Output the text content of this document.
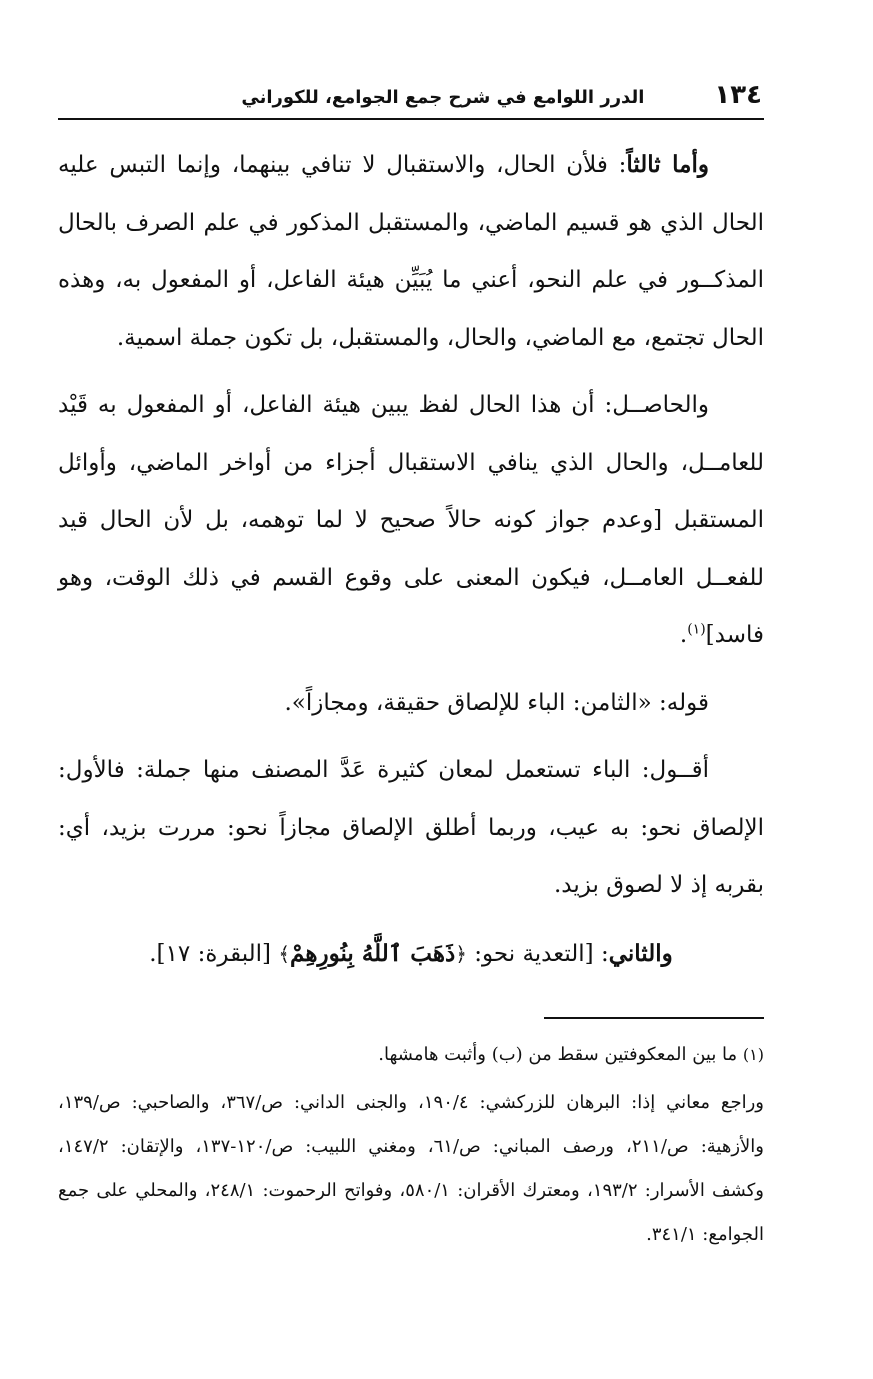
١٣٤
الدرر اللوامع في شرح جمع الجوامع، للكوراني

وأما ثالثاً: فلأن الحال، والاستقبال لا تنافي بينهما، وإنما التبس عليه الحال الذي هو قسيم الماضي، والمستقبل المذكور في علم الصرف بالحال المذكــور في علم النحو، أعني ما يُبَيِّن هيئة الفاعل، أو المفعول به، وهذه الحال تجتمع، مع الماضي، والحال، والمستقبل، بل تكون جملة اسمية.

والحاصــل: أن هذا الحال لفظ يبين هيئة الفاعل، أو المفعول به قَيْد للعامــل، والحال الذي ينافي الاستقبال أجزاء من أواخر الماضي، وأوائل المستقبل [وعدم جواز كونه حالاً صحيح لا لما توهمه، بل لأن الحال قيد للفعــل العامــل، فيكون المعنى على وقوع القسم في ذلك الوقت، وهو فاسد]$^{(١)}$.

قوله: «الثامن: الباء للإلصاق حقيقة، ومجازاً».

أقــول: الباء تستعمل لمعان كثيرة عَدَّ المصنف منها جملة: فالأول: الإلصاق نحو: به عيب، وربما أطلق الإلصاق مجازاً نحو: مررت بزيد، أي: بقربه إذ لا لصوق بزيد.

والثاني: [التعدية نحو: ﴿ذَهَبَ ٱللَّهُ بِنُورِهِمْ﴾ [البقرة: ١٧].

(١) ما بين المعكوفتين سقط من (ب) وأثبت هامشها.

وراجع معاني إذا: البرهان للزركشي: ١٩٠/٤، والجنى الداني: ص/٣٦٧، والصاحبي: ص/١٣٩، والأزهية: ص/٢١١، ورصف المباني: ص/٦١، ومغني اللبيب: ص/١٢٠-١٣٧، والإتقان: ١٤٧/٢، وكشف الأسرار: ١٩٣/٢، ومعترك الأقران: ٥٨٠/١، وفواتح الرحموت: ٢٤٨/١، والمحلي على جمع الجوامع: ٣٤١/١.
